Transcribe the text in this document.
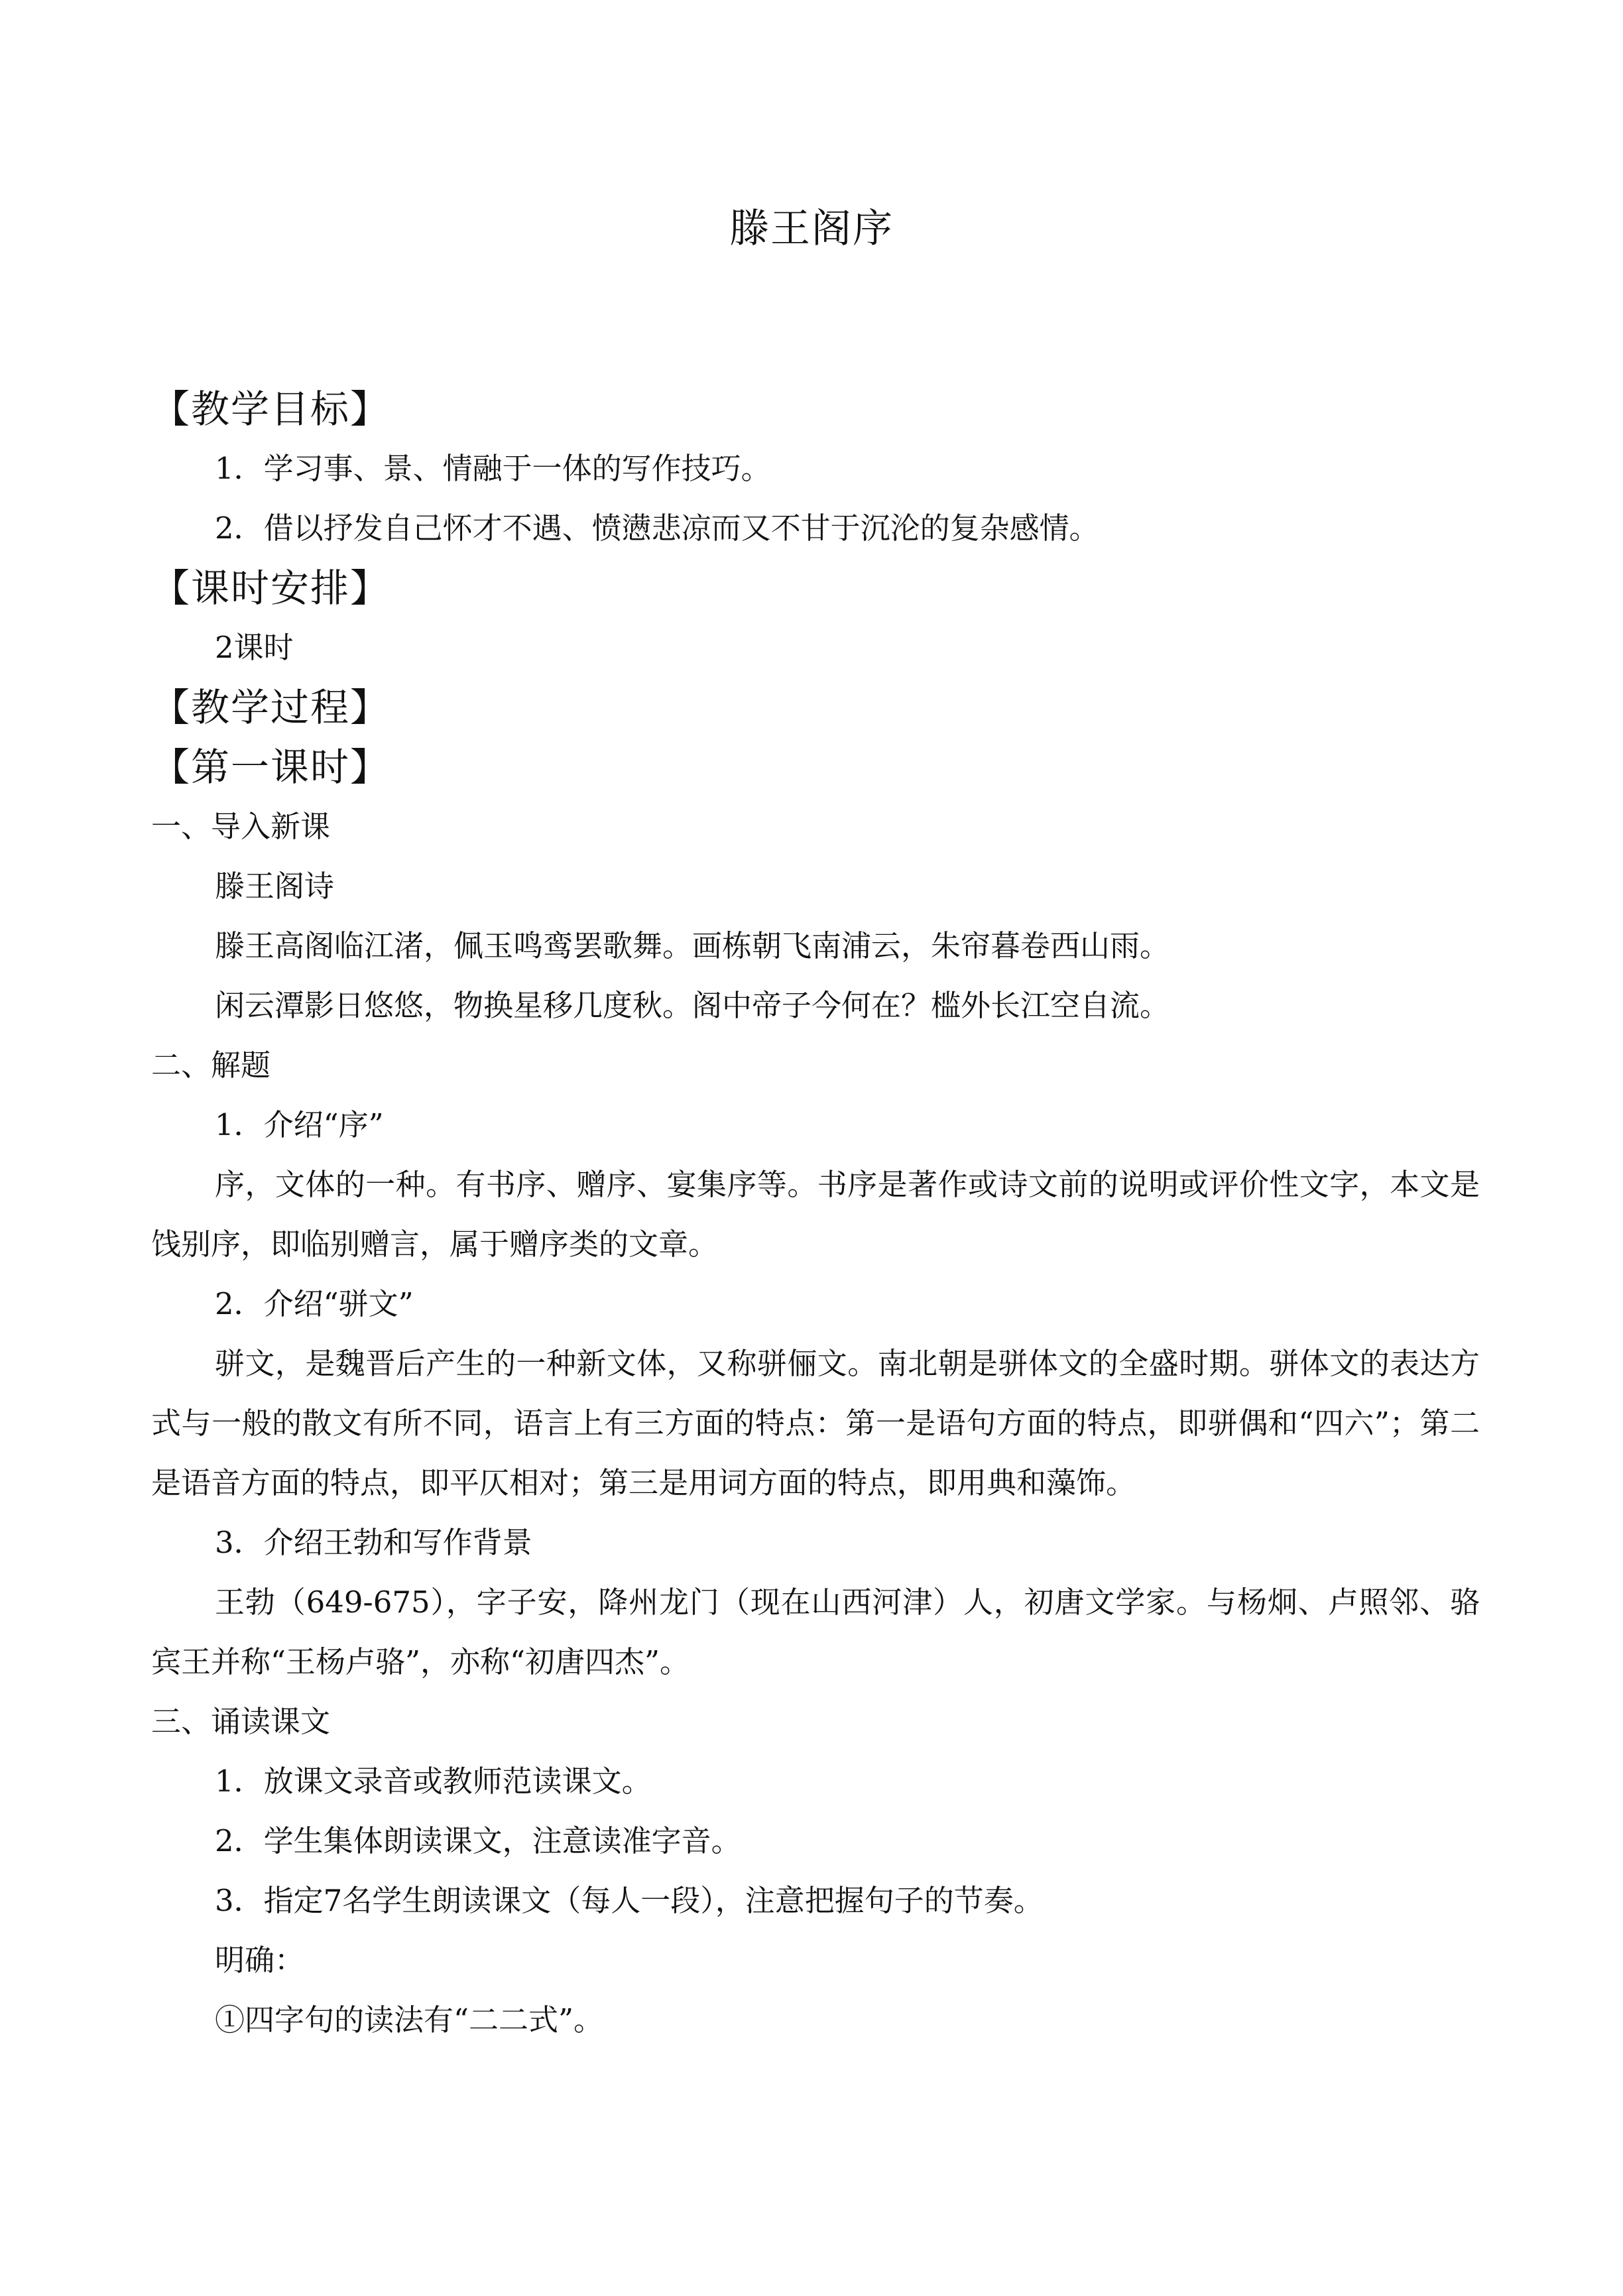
滕王阁序
【教学目标】
1．学习事、景、情融于一体的写作技巧。
2．借以抒发自己怀才不遇、愤懑悲凉而又不甘于沉沦的复杂感情。
【课时安排】
2课时
【教学过程】
【第一课时】
一、导入新课
滕王阁诗
滕王高阁临江渚，佩玉鸣鸾罢歌舞。画栋朝飞南浦云，朱帘暮卷西山雨。
闲云潭影日悠悠，物换星移几度秋。阁中帝子今何在？槛外长江空自流。
二、解题
1．介绍“序”
序，文体的一种。有书序、赠序、宴集序等。书序是著作或诗文前的说明或评价性文字，本文是饯别序，即临别赠言，属于赠序类的文章。
2．介绍“骈文”
骈文，是魏晋后产生的一种新文体，又称骈俪文。南北朝是骈体文的全盛时期。骈体文的表达方式与一般的散文有所不同，语言上有三方面的特点：第一是语句方面的特点，即骈偶和“四六”；第二是语音方面的特点，即平仄相对；第三是用词方面的特点，即用典和藻饰。
3．介绍王勃和写作背景
王勃（649-675），字子安，降州龙门（现在山西河津）人，初唐文学家。与杨炯、卢照邻、骆宾王并称“王杨卢骆”，亦称“初唐四杰”。
三、诵读课文
1．放课文录音或教师范读课文。
2．学生集体朗读课文，注意读准字音。
3．指定7名学生朗读课文（每人一段），注意把握句子的节奏。
明确：
①四字句的读法有“二二式”。
